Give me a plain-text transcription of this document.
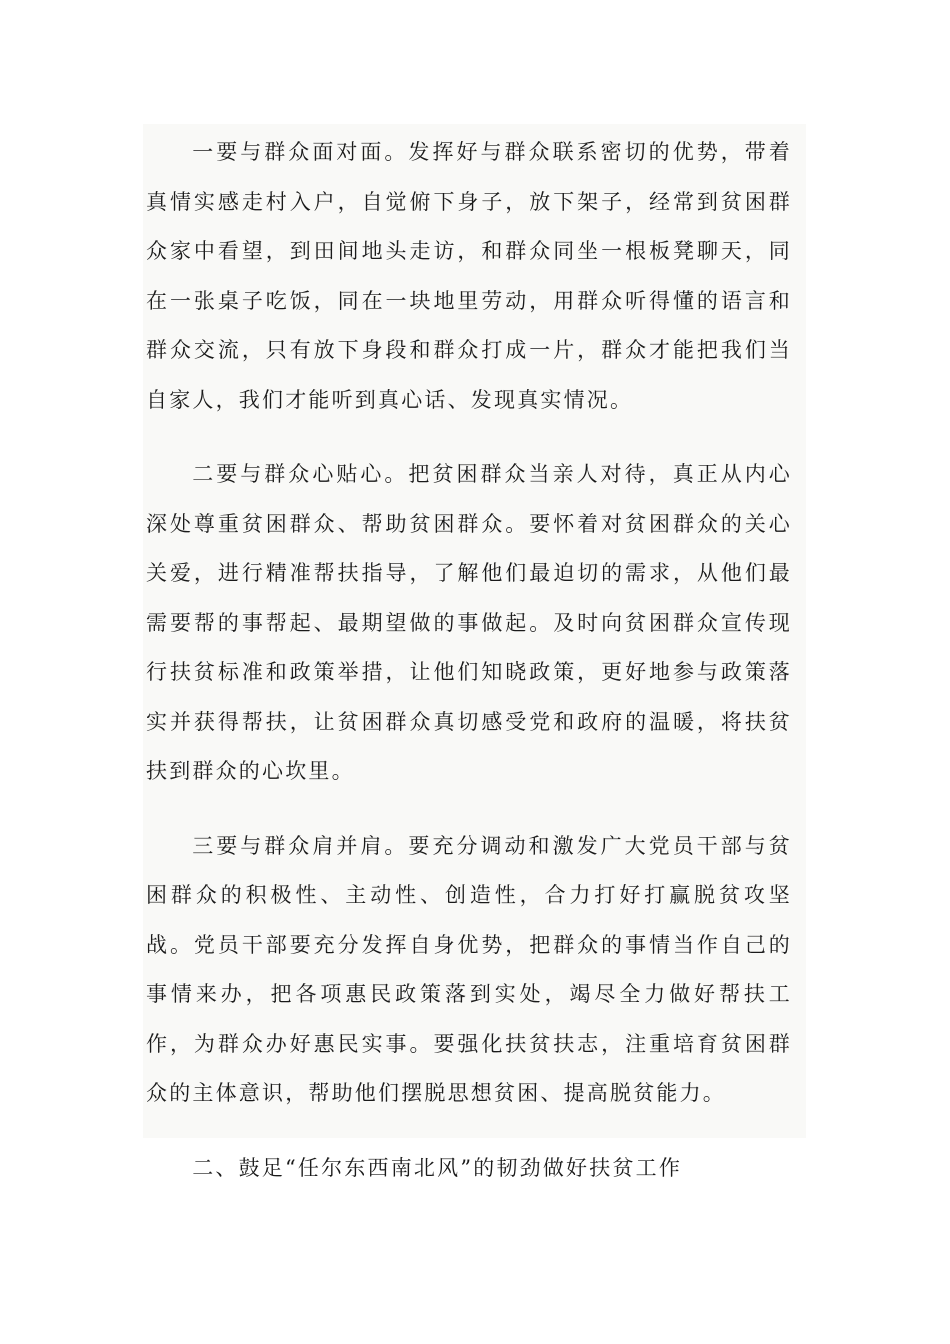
一要与群众面对面。发挥好与群众联系密切的优势，带着真情实感走村入户，自觉俯下身子，放下架子，经常到贫困群众家中看望，到田间地头走访，和群众同坐一根板凳聊天，同在一张桌子吃饭，同在一块地里劳动，用群众听得懂的语言和群众交流，只有放下身段和群众打成一片，群众才能把我们当自家人，我们才能听到真心话、发现真实情况。

二要与群众心贴心。把贫困群众当亲人对待，真正从内心深处尊重贫困群众、帮助贫困群众。要怀着对贫困群众的关心关爱，进行精准帮扶指导，了解他们最迫切的需求，从他们最需要帮的事帮起、最期望做的事做起。及时向贫困群众宣传现行扶贫标准和政策举措，让他们知晓政策，更好地参与政策落实并获得帮扶，让贫困群众真切感受党和政府的温暖，将扶贫扶到群众的心坎里。

三要与群众肩并肩。要充分调动和激发广大党员干部与贫困群众的积极性、主动性、创造性，合力打好打赢脱贫攻坚战。党员干部要充分发挥自身优势，把群众的事情当作自己的事情来办，把各项惠民政策落到实处，竭尽全力做好帮扶工作，为群众办好惠民实事。要强化扶贫扶志，注重培育贫困群众的主体意识，帮助他们摆脱思想贫困、提高脱贫能力。

二、鼓足“任尔东西南北风”的韧劲做好扶贫工作
